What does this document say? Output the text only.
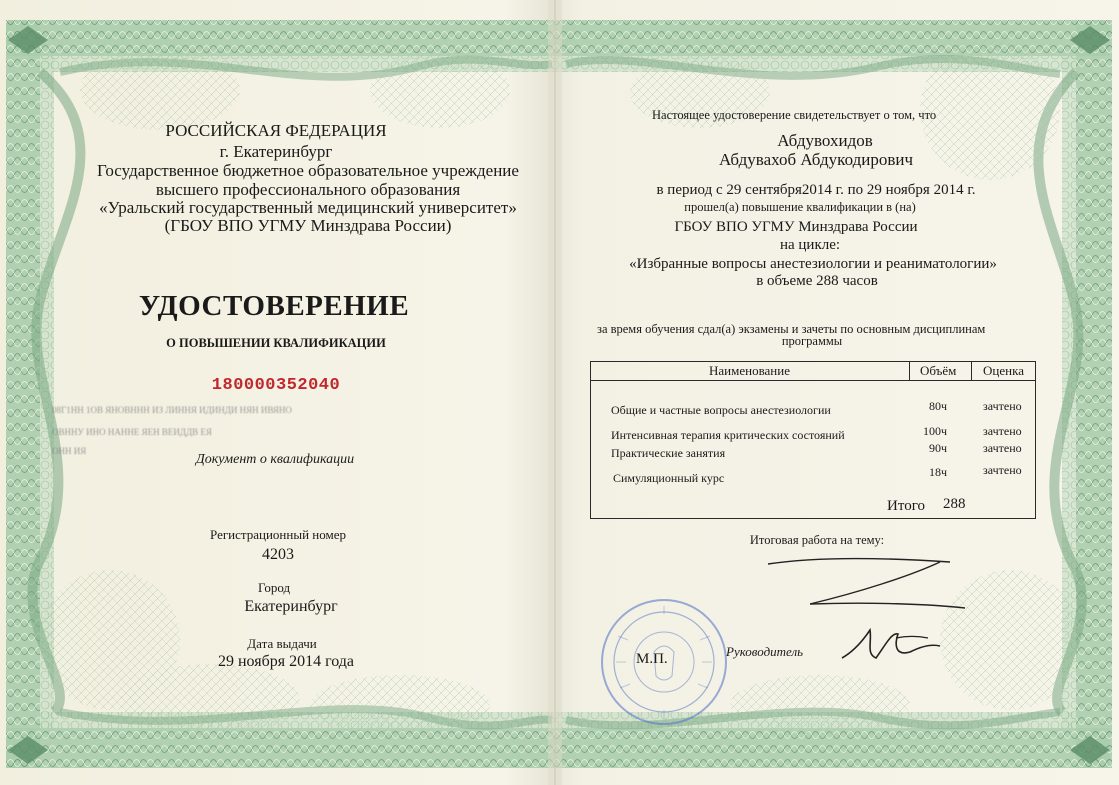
РОССИЙСКАЯ ФЕДЕРАЦИЯ
г. Екатеринбург
Государственное бюджетное образовательное учреждение
высшего профессионального образования
«Уральский государственный медицинский университет»
(ГБОУ ВПО УГМУ Минздрава России)
УДОСТОВЕРЕНИЕ
О ПОВЫШЕНИИ КВАЛИФИКАЦИИ
180000352040
08Г1НН 1ОВ ЯНОВННН ИЗ ЛИННЯ ИДИНДИ НЯН ИВЯНО
ОВННУ ИНО НАННЕ ЯЕН ВЕИДДВ ЕЯ
ОНН ИЯ
Документ о квалификации
Регистрационный номер
4203
Город
Екатеринбург
Дата выдачи
29 ноября 2014 года
Настоящее удостоверение свидетельствует о том, что
Абдувохидов
Абдувахоб Абдукодирович
в период с 29 сентября2014 г. по 29 ноября 2014 г.
прошел(а) повышение квалификации в (на)
ГБОУ ВПО УГМУ Минздрава России
на цикле:
«Избранные вопросы анестезиологии и реаниматологии»
в объеме 288 часов
за время обучения сдал(а) экзамены и зачеты по основным дисциплинам
программы
Наименование	Объём Оценка
Общие и частные вопросы анестезиологии	80ч	зачтено
Интенсивная терапия критических состояний	100ч	зачтено
Практические занятия	90ч	зачтено
Симуляционный курс	18ч	зачтено
Итого 288
Итоговая работа на тему:
М.П.	Руководитель
